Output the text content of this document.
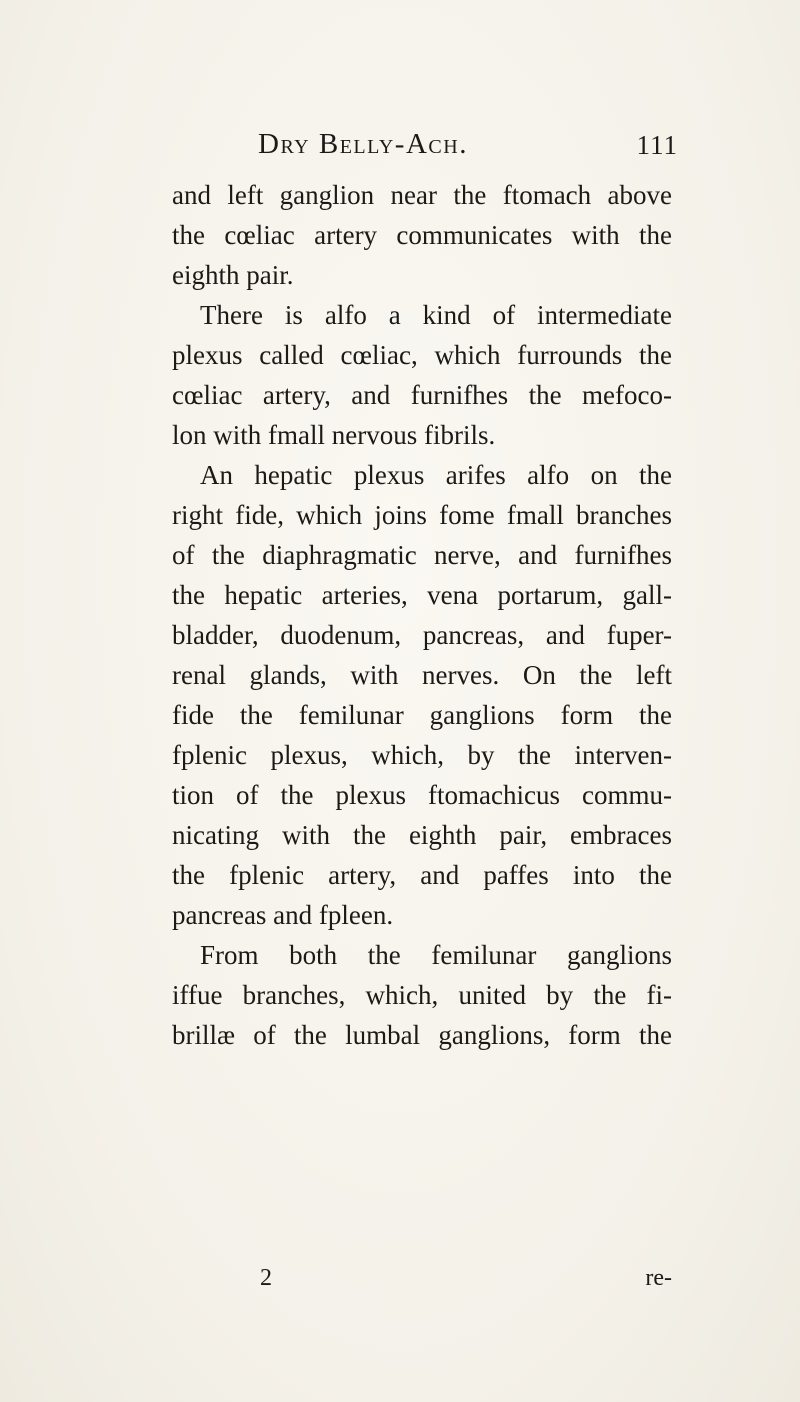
Dry Belly-Ach.	111
and left ganglion near the ftomach above
the cœliac artery communicates with the
eighth pair.
There is alfo a kind of intermediate
plexus called cœliac, which furrounds the
cœliac artery, and furnifhes the mefoco-
lon with fmall nervous fibrils.
An hepatic plexus arifes alfo on the
right fide, which joins fome fmall branches
of the diaphragmatic nerve, and furnifhes
the hepatic arteries, vena portarum, gall-
bladder, duodenum, pancreas, and fuper-
renal glands, with nerves. On the left
fide the femilunar ganglions form the
fplenic plexus, which, by the interven-
tion of the plexus ftomachicus commu-
nicating with the eighth pair, embraces
the fplenic artery, and paffes into the
pancreas and fpleen.
From both the femilunar ganglions
iffue branches, which, united by the fi-
brillæ of the lumbal ganglions, form the
2	re-
